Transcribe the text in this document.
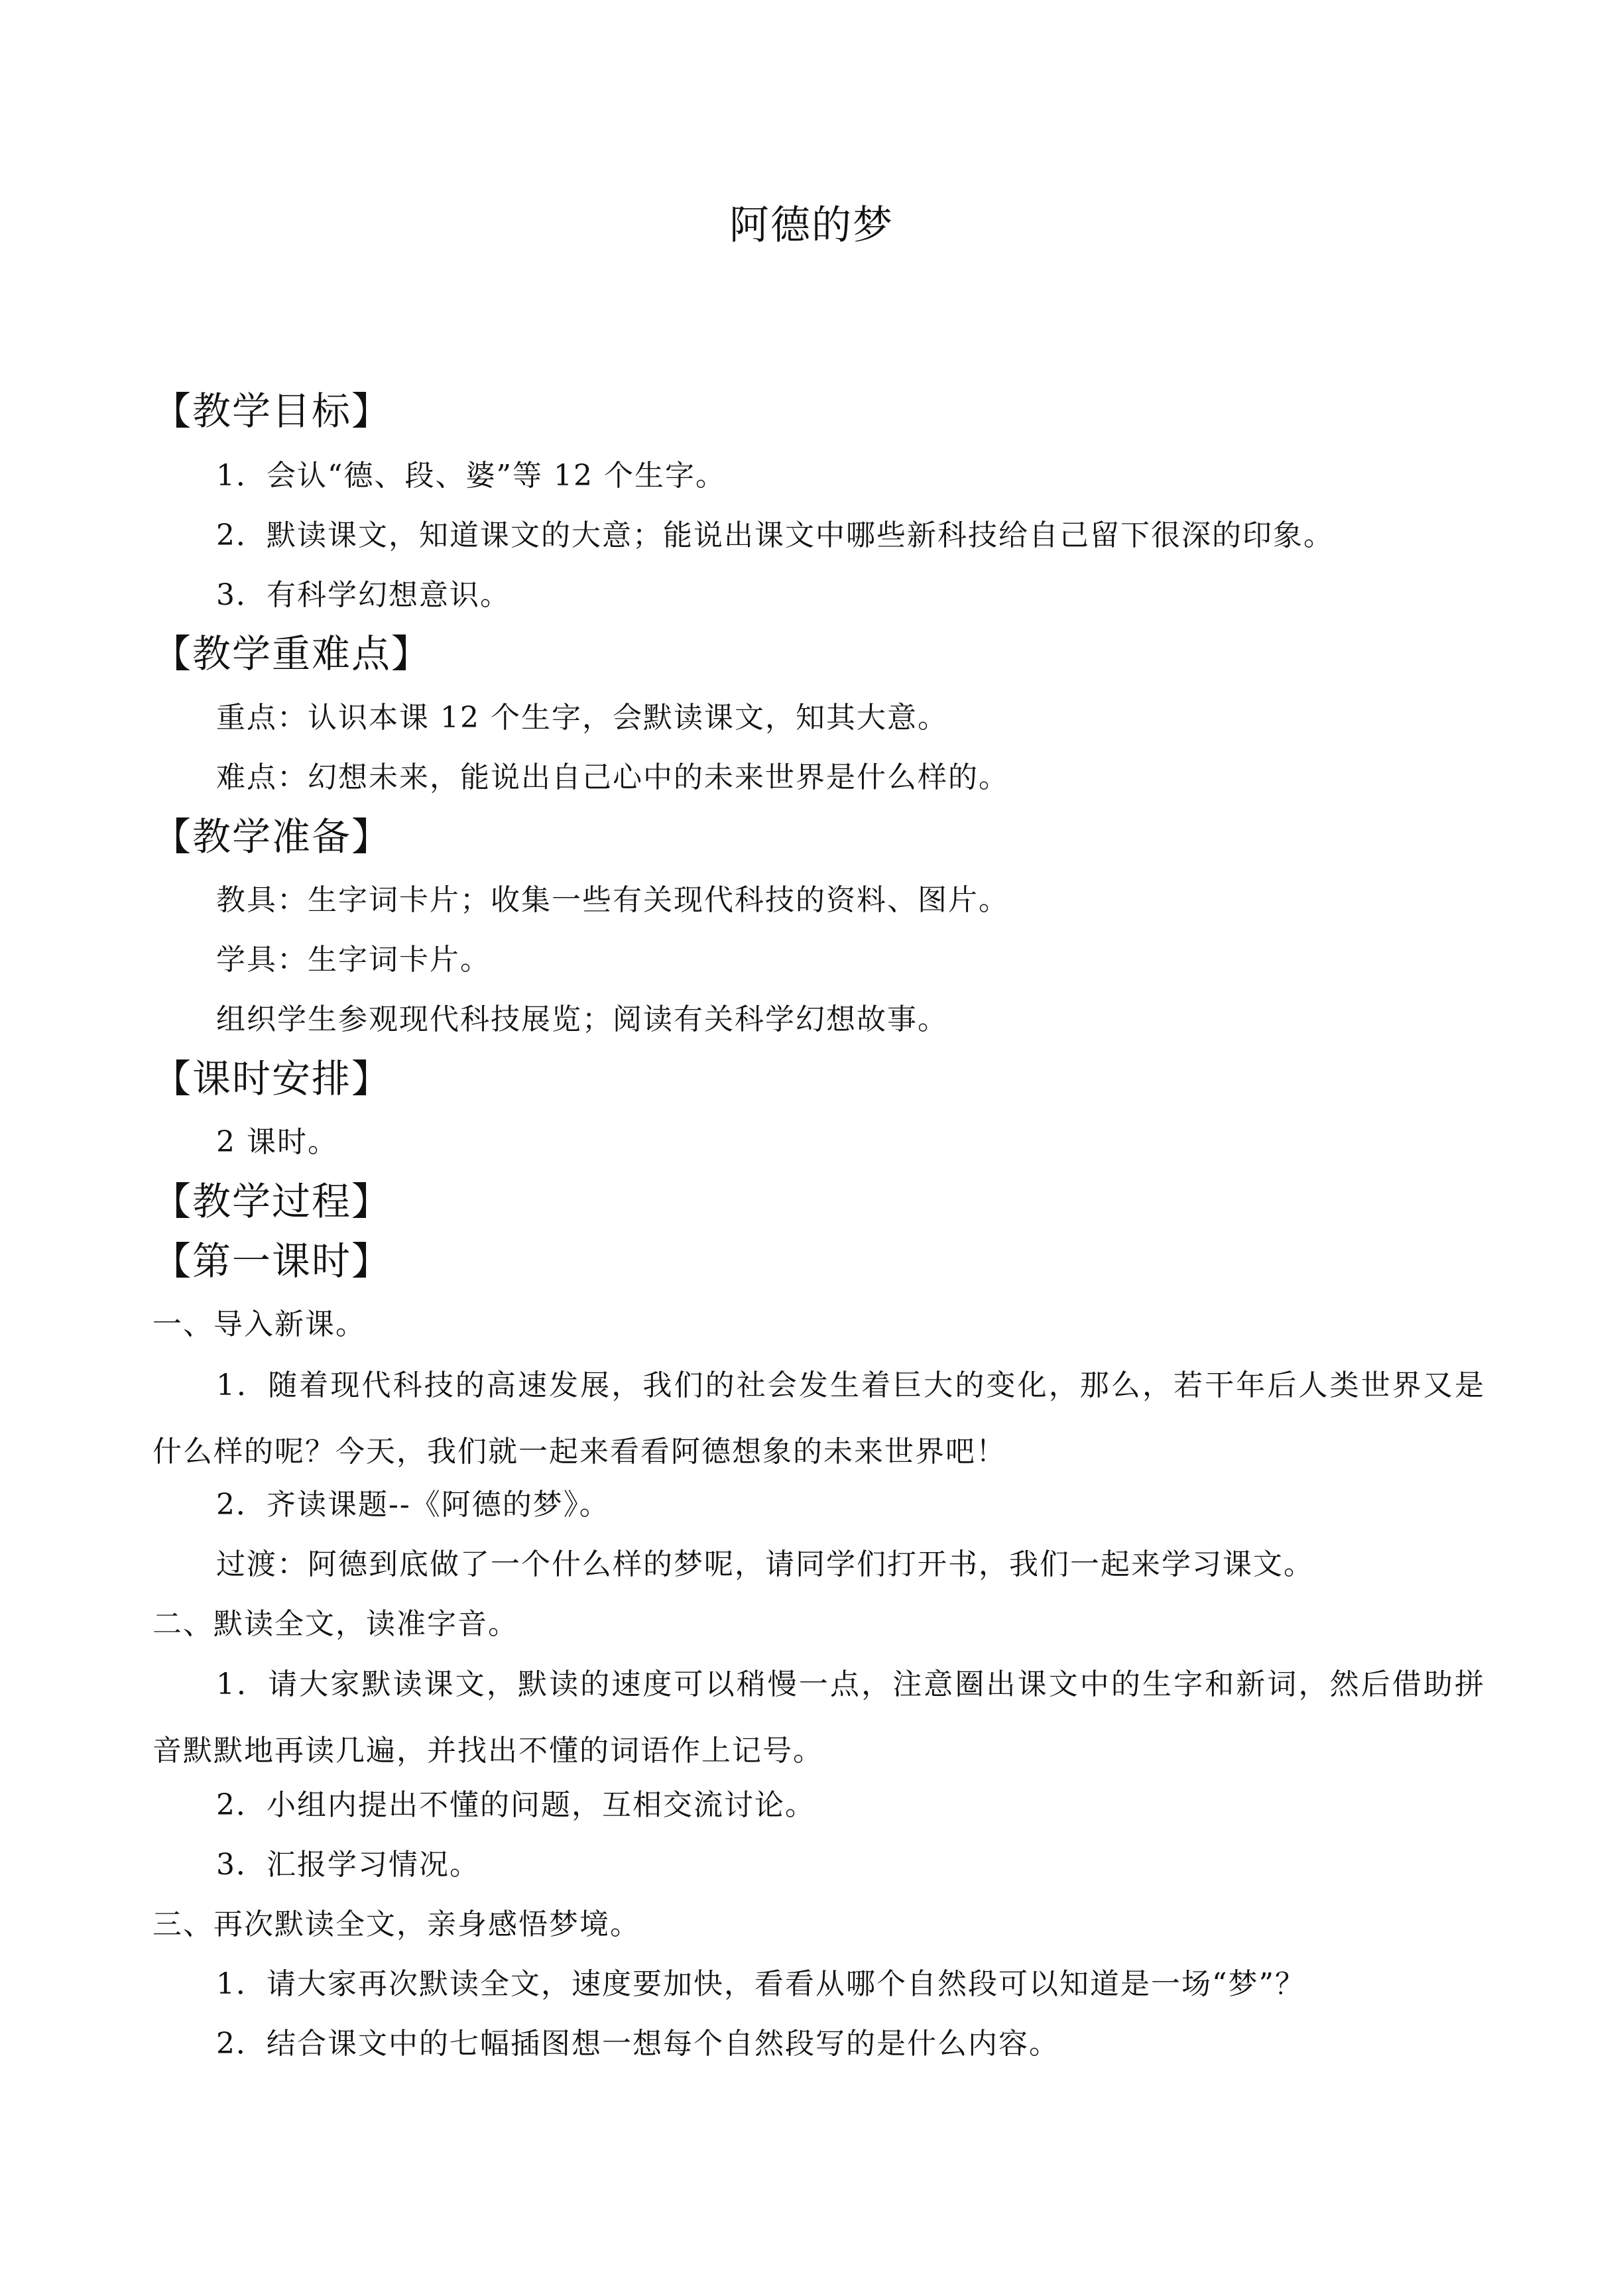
阿德的梦
【教学目标】
1．会认“德、段、婆”等 12 个生字。
2．默读课文，知道课文的大意；能说出课文中哪些新科技给自己留下很深的印象。
3．有科学幻想意识。
【教学重难点】
重点：认识本课 12 个生字，会默读课文，知其大意。
难点：幻想未来，能说出自己心中的未来世界是什么样的。
【教学准备】
教具：生字词卡片；收集一些有关现代科技的资料、图片。
学具：生字词卡片。
组织学生参观现代科技展览；阅读有关科学幻想故事。
【课时安排】
2 课时。
【教学过程】
【第一课时】
一、导入新课。
1．随着现代科技的高速发展，我们的社会发生着巨大的变化，那么，若干年后人类世界又是什么样的呢？今天，我们就一起来看看阿德想象的未来世界吧！
2．齐读课题--《阿德的梦》。
过渡：阿德到底做了一个什么样的梦呢，请同学们打开书，我们一起来学习课文。
二、默读全文，读准字音。
1．请大家默读课文，默读的速度可以稍慢一点，注意圈出课文中的生字和新词，然后借助拼音默默地再读几遍，并找出不懂的词语作上记号。
2．小组内提出不懂的问题，互相交流讨论。
3．汇报学习情况。
三、再次默读全文，亲身感悟梦境。
1．请大家再次默读全文，速度要加快，看看从哪个自然段可以知道是一场“梦”？
2．结合课文中的七幅插图想一想每个自然段写的是什么内容。
